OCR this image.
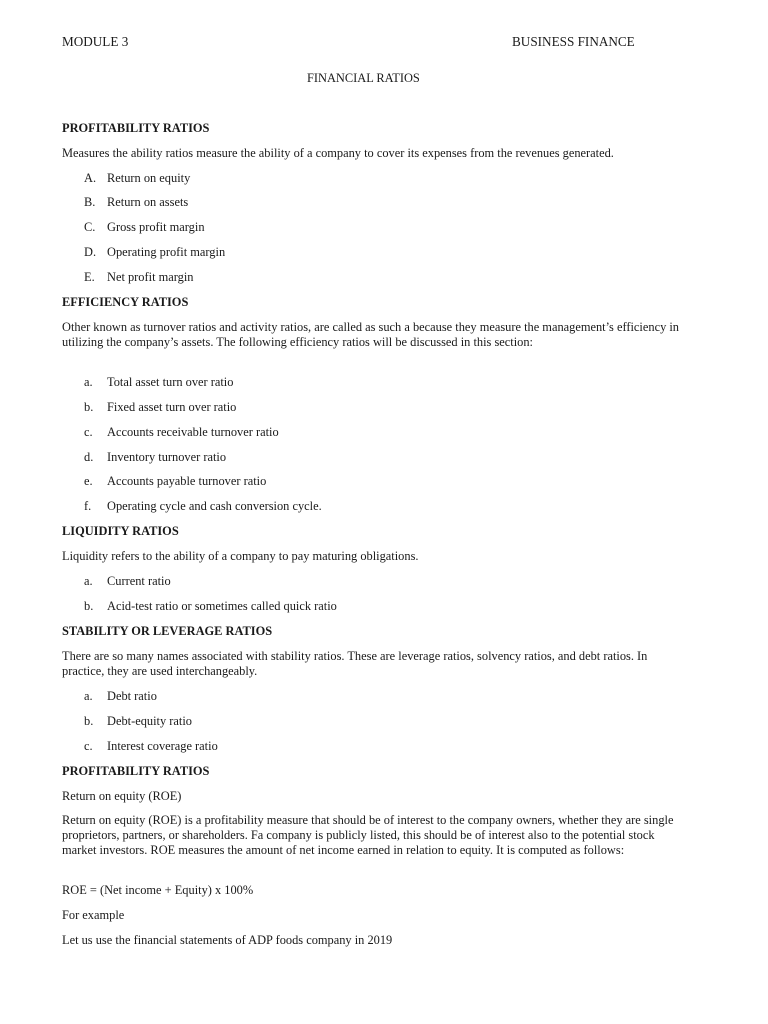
MODULE 3	BUSINESS FINANCE
FINANCIAL RATIOS
PROFITABILITY RATIOS
Measures the ability ratios measure the ability of a company to cover its expenses from the revenues generated.
A. Return on equity
B. Return on assets
C. Gross profit margin
D. Operating profit margin
E. Net profit margin
EFFICIENCY RATIOS
Other known as turnover ratios and activity ratios, are called as such a because they measure the management’s efficiency in utilizing the company’s assets. The following efficiency ratios will be discussed in this section:
a. Total asset turn over ratio
b. Fixed asset turn over ratio
c. Accounts receivable turnover ratio
d. Inventory turnover ratio
e. Accounts payable turnover ratio
f. Operating cycle and cash conversion cycle.
LIQUIDITY RATIOS
Liquidity refers to the ability of a company to pay maturing obligations.
a. Current ratio
b. Acid-test ratio or sometimes called quick ratio
STABILITY OR LEVERAGE RATIOS
There are so many names associated with stability ratios. These are leverage ratios, solvency ratios, and debt ratios. In practice, they are used interchangeably.
a. Debt ratio
b. Debt-equity ratio
c. Interest coverage ratio
PROFITABILITY RATIOS
Return on equity (ROE)
Return on equity (ROE) is a profitability measure that should be of interest to the company owners, whether they are single proprietors, partners, or shareholders. Fa company is publicly listed, this should be of interest also to the potential stock market investors. ROE measures the amount of net income earned in relation to equity. It is computed as follows:
ROE = (Net income + Equity) x 100%
For example
Let us use the financial statements of ADP foods company in 2019
